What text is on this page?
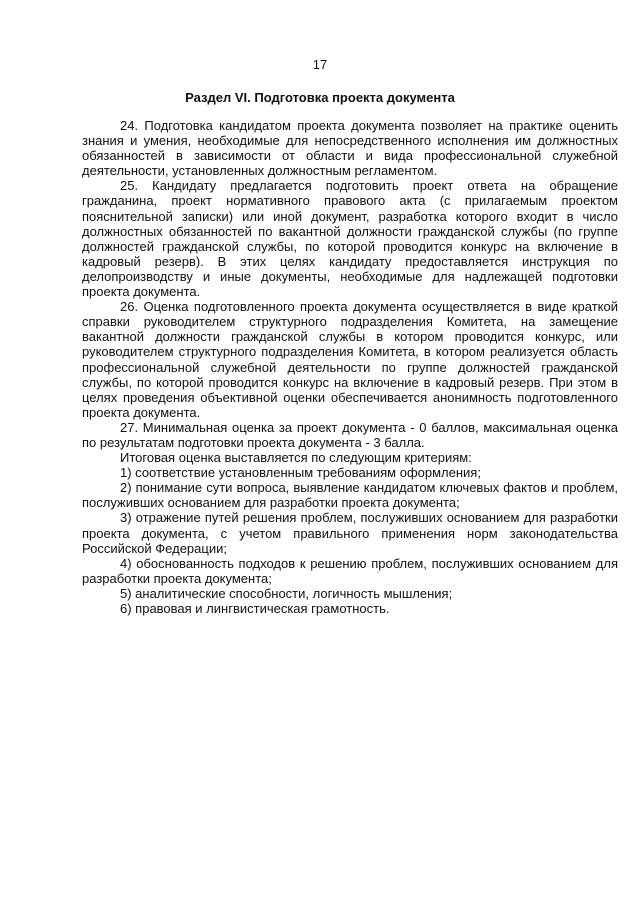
17
Раздел VI. Подготовка проекта документа

24. Подготовка кандидатом проекта документа позволяет на практике оценить знания и умения, необходимые для непосредственного исполнения им должностных обязанностей в зависимости от области и вида профессиональной служебной деятельности, установленных должностным регламентом.

25. Кандидату предлагается подготовить проект ответа на обращение гражданина, проект нормативного правового акта (с прилагаемым проектом пояснительной записки) или иной документ, разработка которого входит в число должностных обязанностей по вакантной должности гражданской службы (по группе должностей гражданской службы, по которой проводится конкурс на включение в кадровый резерв). В этих целях кандидату предоставляется инструкция по делопроизводству и иные документы, необходимые для надлежащей подготовки проекта документа.

26. Оценка подготовленного проекта документа осуществляется в виде краткой справки руководителем структурного подразделения Комитета, на замещение вакантной должности гражданской службы в котором проводится конкурс, или руководителем структурного подразделения Комитета, в котором реализуется область профессиональной служебной деятельности по группе должностей гражданской службы, по которой проводится конкурс на включение в кадровый резерв. При этом в целях проведения объективной оценки обеспечивается анонимность подготовленного проекта документа.

27. Минимальная оценка за проект документа - 0 баллов, максимальная оценка по результатам подготовки проекта документа - 3 балла.

Итоговая оценка выставляется по следующим критериям:

1) соответствие установленным требованиям оформления;

2) понимание сути вопроса, выявление кандидатом ключевых фактов и проблем, послуживших основанием для разработки проекта документа;

3) отражение путей решения проблем, послуживших основанием для разработки проекта документа, с учетом правильного применения норм законодательства Российской Федерации;

4) обоснованность подходов к решению проблем, послуживших основанием для разработки проекта документа;

5) аналитические способности, логичность мышления;

6) правовая и лингвистическая грамотность.
